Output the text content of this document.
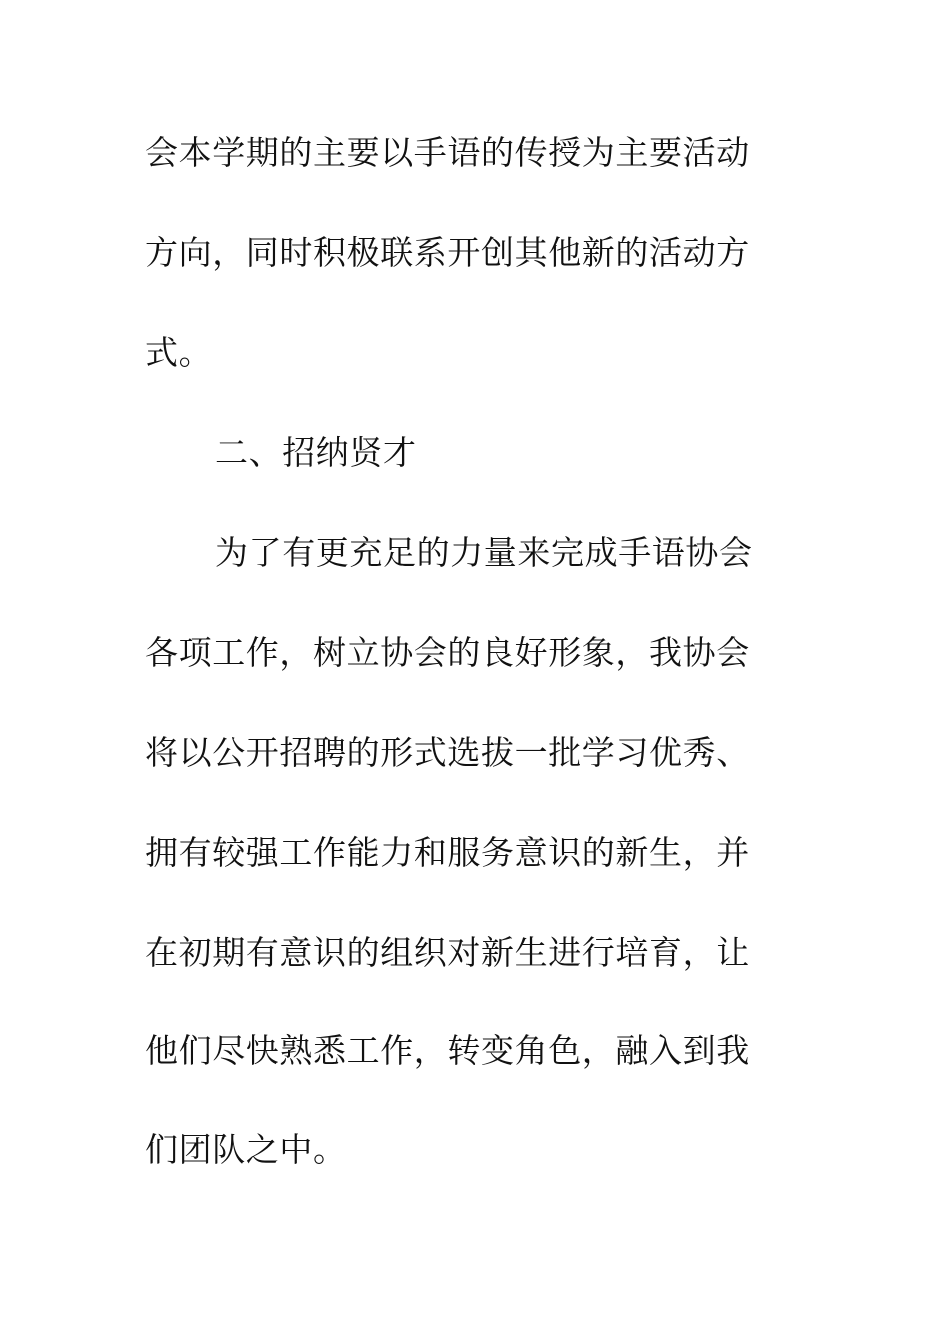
会本学期的主要以手语的传授为主要活动
方向，同时积极联系开创其他新的活动方
式。
二、招纳贤才
为了有更充足的力量来完成手语协会
各项工作，树立协会的良好形象，我协会
将以公开招聘的形式选拔一批学习优秀、
拥有较强工作能力和服务意识的新生，并
在初期有意识的组织对新生进行培育，让
他们尽快熟悉工作，转变角色，融入到我
们团队之中。
